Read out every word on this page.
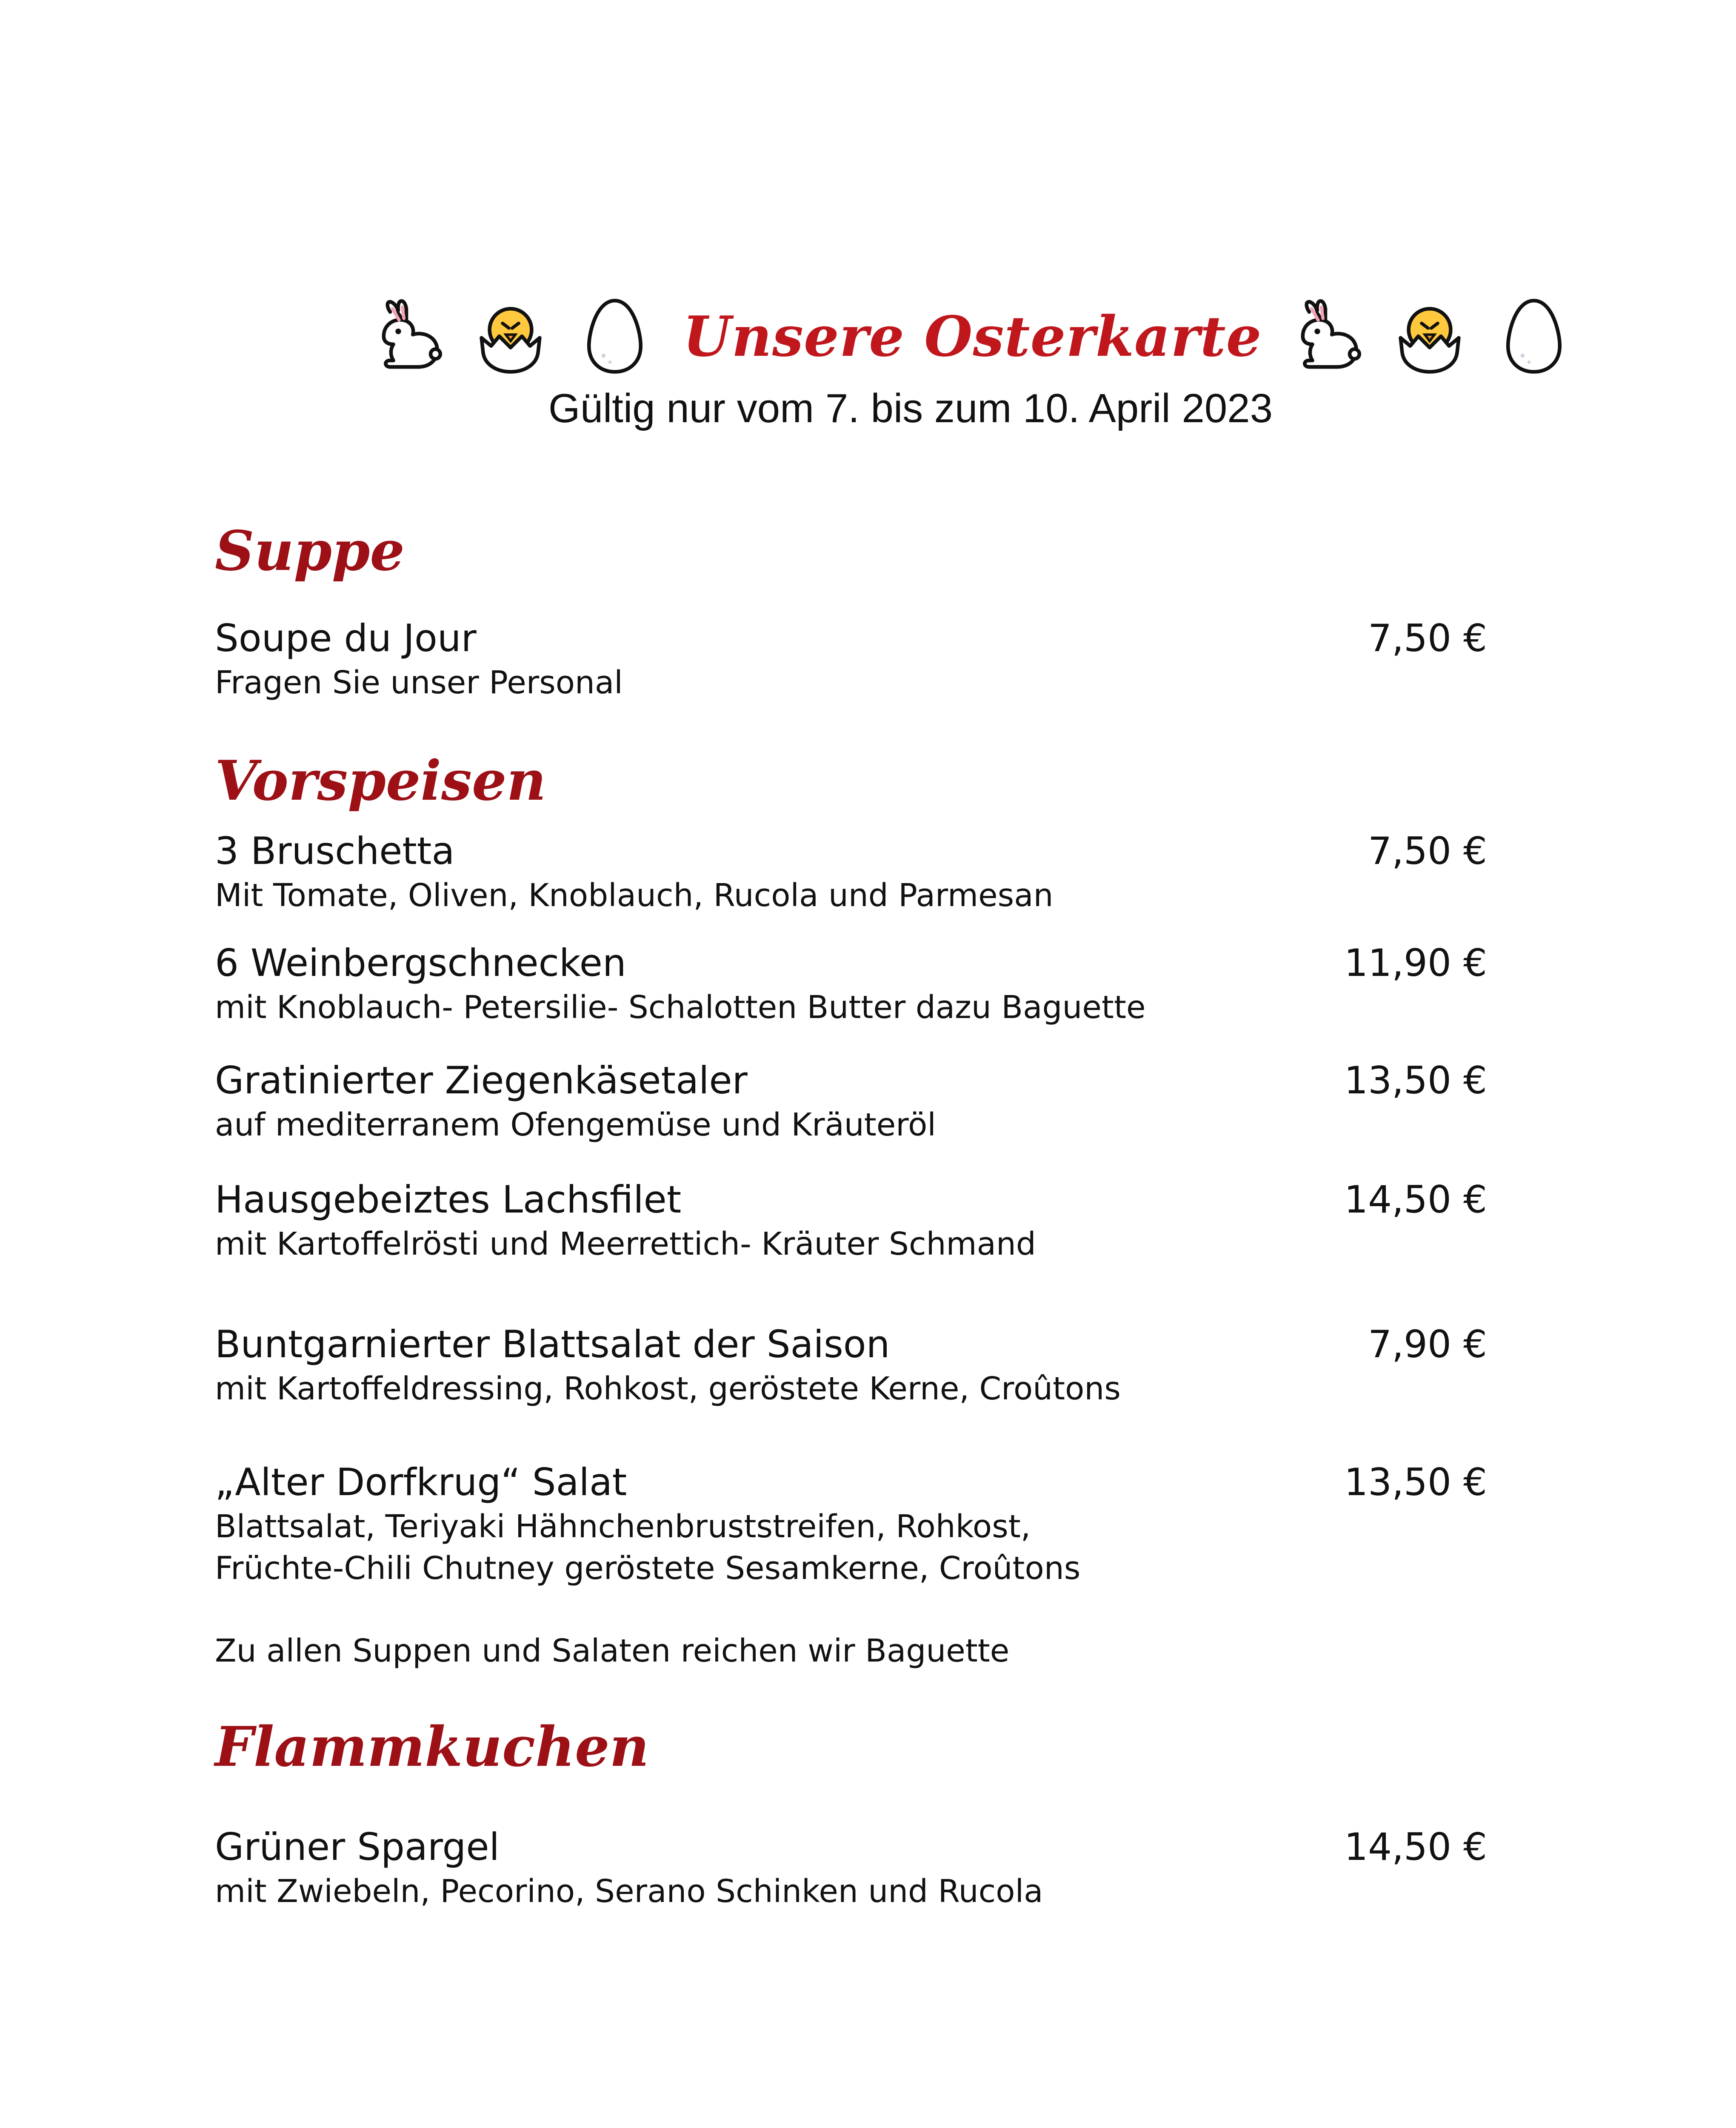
Unsere Osterkarte
Gültig nur vom 7. bis zum 10. April 2023
Suppe
Soupe du Jour	7,50 €
Fragen Sie unser Personal
Vorspeisen
3 Bruschetta	7,50 €
Mit Tomate, Oliven, Knoblauch, Rucola und Parmesan
6 Weinbergschnecken	11,90 €
mit Knoblauch- Petersilie- Schalotten Butter dazu Baguette
Gratinierter Ziegenkäsetaler	13,50 €
auf mediterranem Ofengemüse und Kräuteröl
Hausgebeiztes Lachsfilet	14,50 €
mit Kartoffelrösti und Meerrettich- Kräuter Schmand
Buntgarnierter Blattsalat der Saison	7,90 €
mit Kartoffeldressing, Rohkost, geröstete Kerne, Croûtons
„Alter Dorfkrug“ Salat	13,50 €
Blattsalat, Teriyaki Hähnchenbruststreifen, Rohkost,
Früchte-Chili Chutney geröstete Sesamkerne, Croûtons
Zu allen Suppen und Salaten reichen wir Baguette
Flammkuchen
Grüner Spargel	14,50 €
mit Zwiebeln, Pecorino, Serano Schinken und Rucola
